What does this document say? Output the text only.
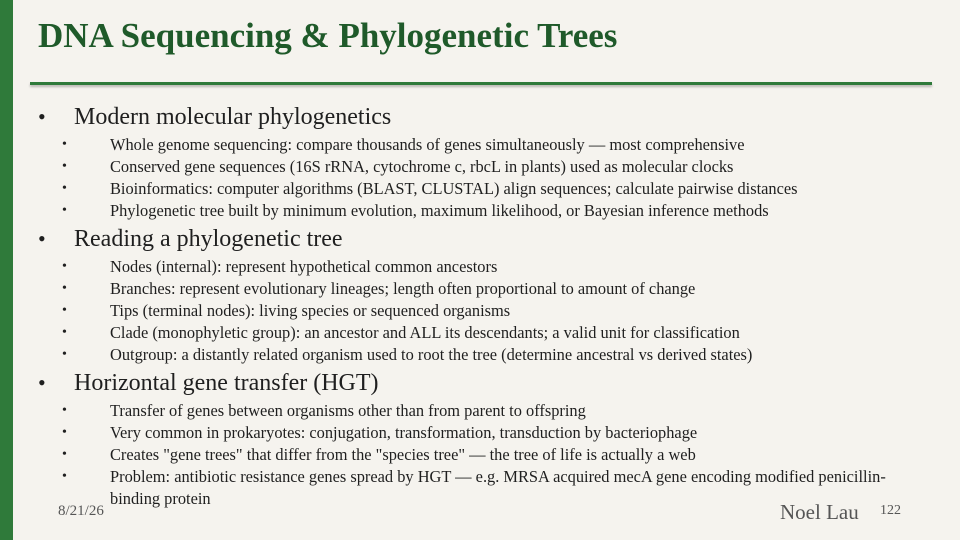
DNA Sequencing & Phylogenetic Trees
• Modern molecular phylogenetics
•	Whole genome sequencing: compare thousands of genes simultaneously — most comprehensive
•	Conserved gene sequences (16S rRNA, cytochrome c, rbcL in plants) used as molecular clocks
•	Bioinformatics: computer algorithms (BLAST, CLUSTAL) align sequences; calculate pairwise distances
•	Phylogenetic tree built by minimum evolution, maximum likelihood, or Bayesian inference methods
• Reading a phylogenetic tree
•	Nodes (internal): represent hypothetical common ancestors
•	Branches: represent evolutionary lineages; length often proportional to amount of change
•	Tips (terminal nodes): living species or sequenced organisms
•	Clade (monophyletic group): an ancestor and ALL its descendants; a valid unit for classification
•	Outgroup: a distantly related organism used to root the tree (determine ancestral vs derived states)
• Horizontal gene transfer (HGT)
•	Transfer of genes between organisms other than from parent to offspring
•	Very common in prokaryotes: conjugation, transformation, transduction by bacteriophage
•	Creates "gene trees" that differ from the "species tree" — the tree of life is actually a web
•	Problem: antibiotic resistance genes spread by HGT — e.g. MRSA acquired mecA gene encoding modified penicillin-binding protein
8/21/26	Noel Lau 122
